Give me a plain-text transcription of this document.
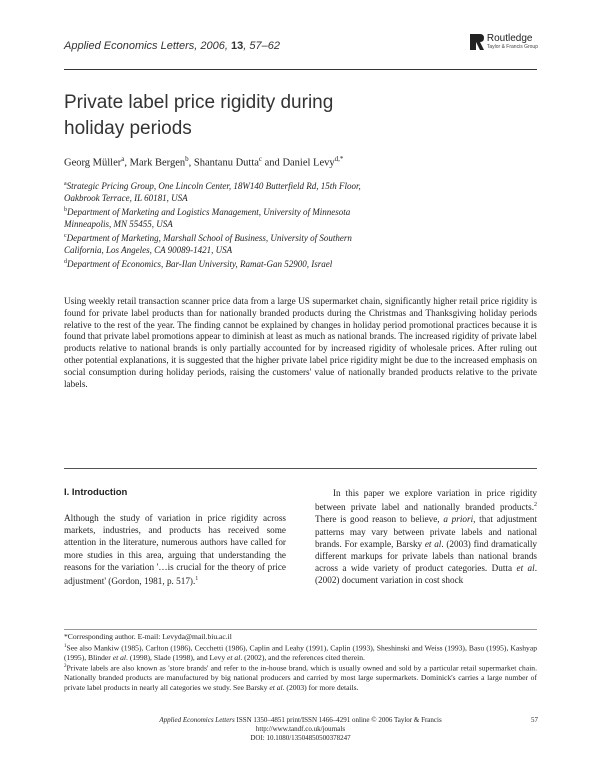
Applied Economics Letters, 2006, 13, 57–62
Routledge
Taylor & Francis Group
Private label price rigidity during
holiday periods
Georg Müller$^a$, Mark Bergen$^b$, Shantanu Dutta$^c$ and Daniel Levy$^{d,*}$
$^a$Strategic Pricing Group, One Lincoln Center, 18W140 Butterfield Rd, 15th Floor, Oakbrook Terrace, IL 60181, USA
$^b$Department of Marketing and Logistics Management, University of Minnesota Minneapolis, MN 55455, USA
$^c$Department of Marketing, Marshall School of Business, University of Southern California, Los Angeles, CA 90089-1421, USA
$^d$Department of Economics, Bar-Ilan University, Ramat-Gan 52900, Israel
Using weekly retail transaction scanner price data from a large US supermarket chain, significantly higher retail price rigidity is found for private label products than for nationally branded products during the Christmas and Thanksgiving holiday periods relative to the rest of the year. The finding cannot be explained by changes in holiday period promotional practices because it is found that private label promotions appear to diminish at least as much as national brands. The increased rigidity of private label products relative to national brands is only partially accounted for by increased rigidity of wholesale prices. After ruling out other potential explanations, it is suggested that the higher private label price rigidity might be due to the increased emphasis on social consumption during holiday periods, raising the customers' value of nationally branded products relative to the private labels.
I. Introduction
Although the study of variation in price rigidity across markets, industries, and products has received some attention in the literature, numerous authors have called for more studies in this area, arguing that understanding the reasons for the variation '…is crucial for the theory of price adjustment' (Gordon, 1981, p. 517).$^1$
In this paper we explore variation in price rigidity between private label and nationally branded products.$^2$ There is good reason to believe, a priori, that adjustment patterns may vary between private labels and national brands. For example, Barsky et al. (2003) find dramatically different markups for private labels than national brands across a wide variety of product categories. Dutta et al. (2002) document variation in cost shock

*Corresponding author. E-mail: Levyda@mail.biu.ac.il

$^1$See also Mankiw (1985), Carlton (1986), Cecchetti (1986), Caplin and Leahy (1991), Caplin (1993), Sheshinski and Weiss (1993), Basu (1995), Kashyap (1995), Blinder et al. (1998), Slade (1998), and Levy et al. (2002), and the references cited therein.

$^2$Private labels are also known as 'store brands' and refer to the in-house brand, which is usually owned and sold by a particular retail supermarket chain. Nationally branded products are manufactured by big national producers and carried by most large supermarkets. Dominick's carries a large number of private label products in nearly all categories we study. See Barsky et al. (2003) for more details.

Applied Economics Letters ISSN 1350–4851 print/ISSN 1466–4291 online © 2006 Taylor & Francis
http://www.tandf.co.uk/journals
DOI: 10.1080/13504850500378247
57
